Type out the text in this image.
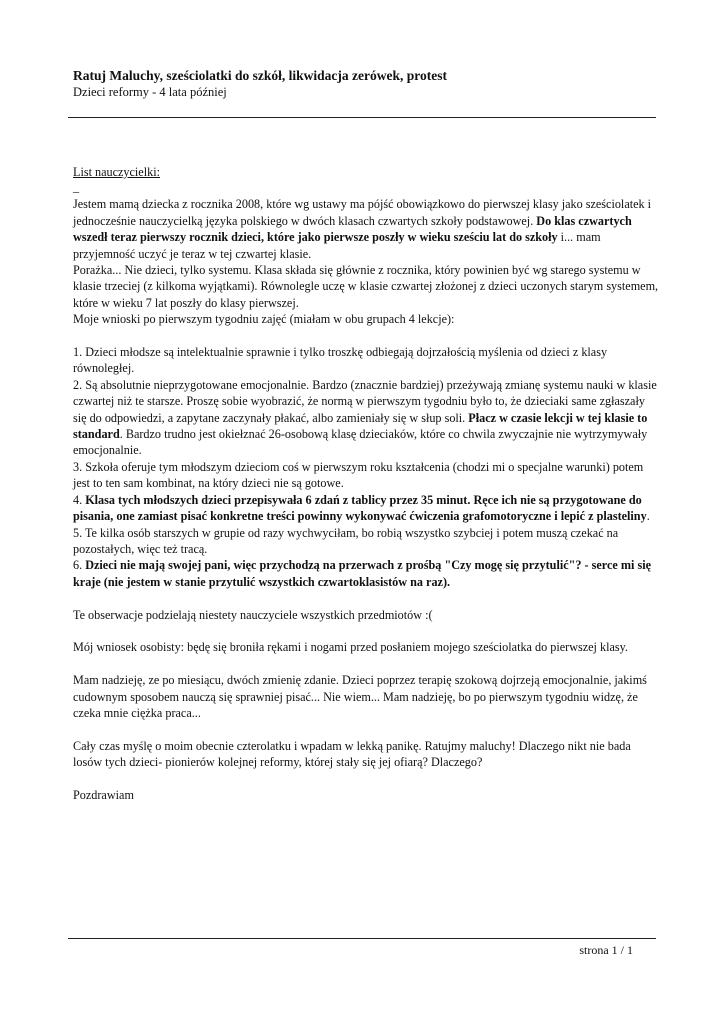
Ratuj Maluchy, sześciolatki do szkół, likwidacja zerówek, protest
Dzieci reformy - 4 lata później

List nauczycielki:

_

Jestem mamą dziecka z rocznika 2008, które wg ustawy ma pójść obowiązkowo do pierwszej klasy jako sześciolatek i jednocześnie nauczycielką języka polskiego w dwóch klasach czwartych szkoły podstawowej. Do klas czwartych wszedł teraz pierwszy rocznik dzieci, które jako pierwsze poszły w wieku sześciu lat do szkoły i... mam przyjemność uczyć je teraz w tej czwartej klasie.

Porażka... Nie dzieci, tylko systemu. Klasa składa się głównie z rocznika, który powinien być wg starego systemu w klasie trzeciej (z kilkoma wyjątkami). Równolegle uczę w klasie czwartej złożonej z dzieci uczonych starym systemem, które w wieku 7 lat poszły do klasy pierwszej.

Moje wnioski po pierwszym tygodniu zajęć (miałam w obu grupach 4 lekcje):

1. Dzieci młodsze są intelektualnie sprawnie i tylko troszkę odbiegają dojrzałością myślenia od dzieci z klasy równoległej.

2. Są absolutnie nieprzygotowane emocjonalnie. Bardzo (znacznie bardziej) przeżywają zmianę systemu nauki w klasie czwartej niż te starsze. Proszę sobie wyobrazić, że normą w pierwszym tygodniu było to, że dzieciaki same zgłaszały się do odpowiedzi, a zapytane zaczynały płakać, albo zamieniały się w słup soli. Płacz w czasie lekcji w tej klasie to standard. Bardzo trudno jest okiełznać 26-osobową klasę dzieciaków, które co chwila zwyczajnie nie wytrzymywały emocjonalnie.

3. Szkoła oferuje tym młodszym dzieciom coś w pierwszym roku kształcenia (chodzi mi o specjalne warunki) potem jest to ten sam kombinat, na który dzieci nie są gotowe.

4. Klasa tych młodszych dzieci przepisywała 6 zdań z tablicy przez 35 minut. Ręce ich nie są przygotowane do pisania, one zamiast pisać konkretne treści powinny wykonywać ćwiczenia grafomotoryczne i lepić z plasteliny.

5. Te kilka osób starszych w grupie od razy wychwyciłam, bo robią wszystko szybciej i potem muszą czekać na pozostałych, więc też tracą.

6. Dzieci nie mają swojej pani, więc przychodzą na przerwach z prośbą "Czy mogę się przytulić"? - serce mi się kraje (nie jestem w stanie przytulić wszystkich czwartoklasistów na raz).

Te obserwacje podzielają niestety nauczyciele wszystkich przedmiotów :(

Mój wniosek osobisty: będę się broniła rękami i nogami przed posłaniem mojego sześciolatka do pierwszej klasy.

Mam nadzieję, ze po miesiącu, dwóch zmienię zdanie. Dzieci poprzez terapię szokową dojrzeją emocjonalnie, jakimś cudownym sposobem nauczą się sprawniej pisać... Nie wiem... Mam nadzieję, bo po pierwszym tygodniu widzę, że czeka mnie ciężka praca...

Cały czas myślę o moim obecnie czterolatku i wpadam w lekką panikę. Ratujmy maluchy! Dlaczego nikt nie bada losów tych dzieci- pionierów kolejnej reformy, której stały się jej ofiarą? Dlaczego?

Pozdrawiam

strona 1 / 1
